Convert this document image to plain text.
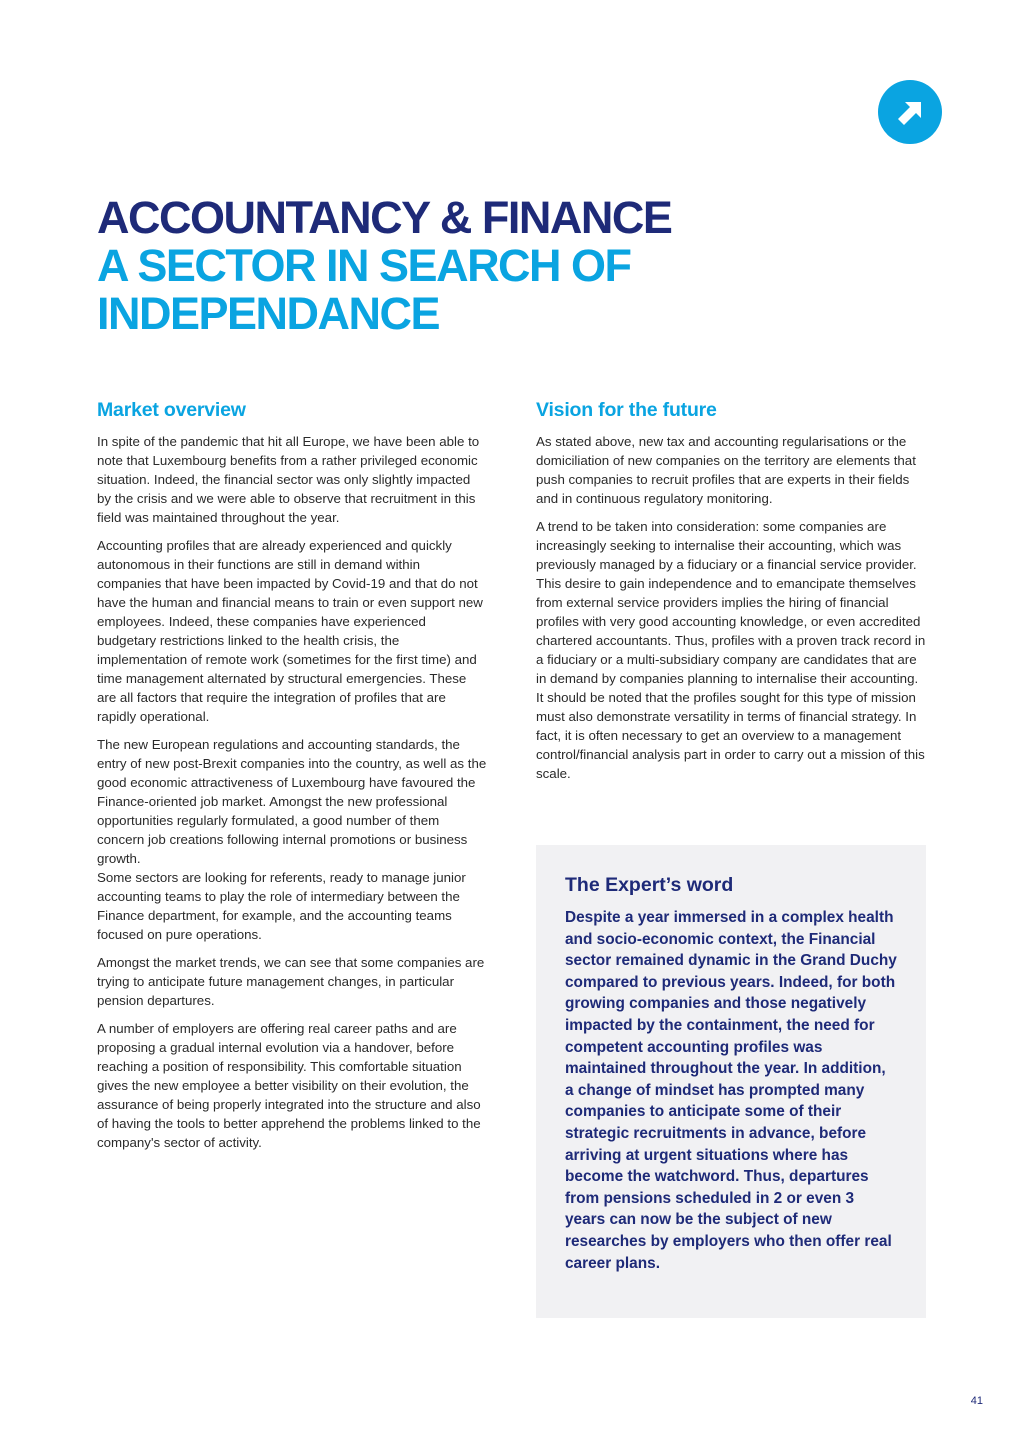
ACCOUNTANCY & FINANCE
A SECTOR IN SEARCH OF
INDEPENDANCE
Market overview

In spite of the pandemic that hit all Europe, we have been able to note that Luxembourg benefits from a rather privileged economic situation. Indeed, the financial sector was only slightly impacted by the crisis and we were able to observe that recruitment in this field was maintained throughout the year.

Accounting profiles that are already experienced and quickly autonomous in their functions are still in demand within companies that have been impacted by Covid-19 and that do not have the human and financial means to train or even support new employees. Indeed, these companies have experienced budgetary restrictions linked to the health crisis, the implementation of remote work (sometimes for the first time) and time management alternated by structural emergencies. These are all factors that require the integration of profiles that are rapidly operational.

The new European regulations and accounting standards, the entry of new post-Brexit companies into the country, as well as the good economic attractiveness of Luxembourg have favoured the Finance-oriented job market. Amongst the new professional opportunities regularly formulated, a good number of them concern job creations following internal promotions or business growth.

Some sectors are looking for referents, ready to manage junior accounting teams to play the role of intermediary between the Finance department, for example, and the accounting teams focused on pure operations.

Amongst the market trends, we can see that some companies are trying to anticipate future management changes, in particular pension departures.

A number of employers are offering real career paths and are proposing a gradual internal evolution via a handover, before reaching a position of responsibility. This comfortable situation gives the new employee a better visibility on their evolution, the assurance of being properly integrated into the structure and also of having the tools to better apprehend the problems linked to the company's sector of activity.

Vision for the future

As stated above, new tax and accounting regularisations or the domiciliation of new companies on the territory are elements that push companies to recruit profiles that are experts in their fields and in continuous regulatory monitoring.

A trend to be taken into consideration: some companies are increasingly seeking to internalise their accounting, which was previously managed by a fiduciary or a financial service provider. This desire to gain independence and to emancipate themselves from external service providers implies the hiring of financial profiles with very good accounting knowledge, or even accredited chartered accountants. Thus, profiles with a proven track record in a fiduciary or a multi-subsidiary company are candidates that are in demand by companies planning to internalise their accounting. It should be noted that the profiles sought for this type of mission must also demonstrate versatility in terms of financial strategy. In fact, it is often necessary to get an overview to a management control/financial analysis part in order to carry out a mission of this scale.

The Expert’s word

Despite a year immersed in a complex health and socio-economic context, the Financial sector remained dynamic in the Grand Duchy compared to previous years. Indeed, for both growing companies and those negatively impacted by the containment, the need for competent accounting profiles was maintained throughout the year. In addition, a change of mindset has prompted many companies to anticipate some of their strategic recruitments in advance, before arriving at urgent situations where has become the watchword. Thus, departures from pensions scheduled in 2 or even 3 years can now be the subject of new researches by employers who then offer real career plans.

41
